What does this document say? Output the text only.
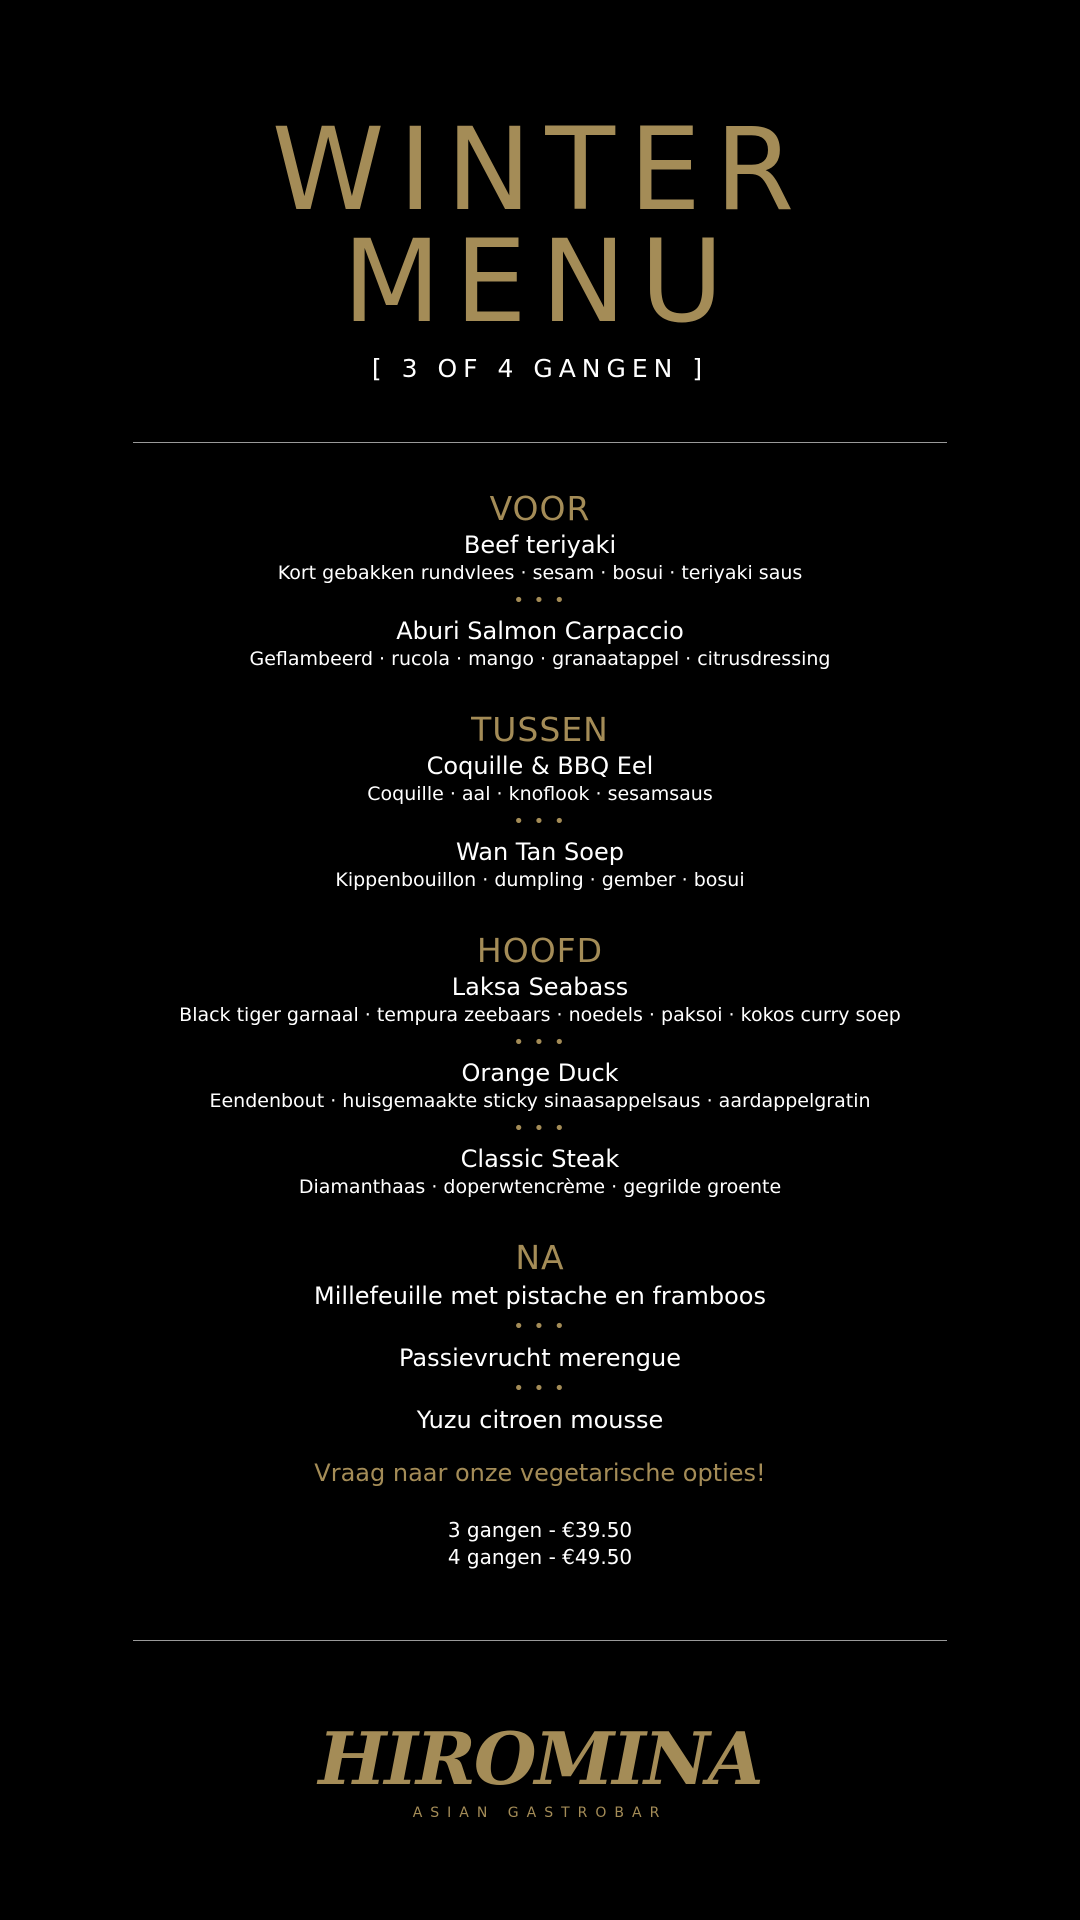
WINTER
MENU
[ 3 OF 4 GANGEN ]
VOOR
Beef teriyaki
Kort gebakken rundvlees · sesam · bosui · teriyaki saus
• • •
Aburi Salmon Carpaccio
Geflambeerd · rucola · mango · granaatappel · citrusdressing
TUSSEN
Coquille & BBQ Eel
Coquille · aal · knoflook · sesamsaus
• • •
Wan Tan Soep
Kippenbouillon · dumpling · gember · bosui
HOOFD
Laksa Seabass
Black tiger garnaal · tempura zeebaars · noedels · paksoi · kokos curry soep
• • •
Orange Duck
Eendenbout · huisgemaakte sticky sinaasappelsaus · aardappelgratin
• • •
Classic Steak
Diamanthaas · doperwtencrème · gegrilde groente
NA
Millefeuille met pistache en framboos
• • •
Passievrucht merengue
• • •
Yuzu citroen mousse
Vraag naar onze vegetarische opties!
3 gangen - €39.50
4 gangen - €49.50
HIROMINA
ASIAN GASTROBAR
